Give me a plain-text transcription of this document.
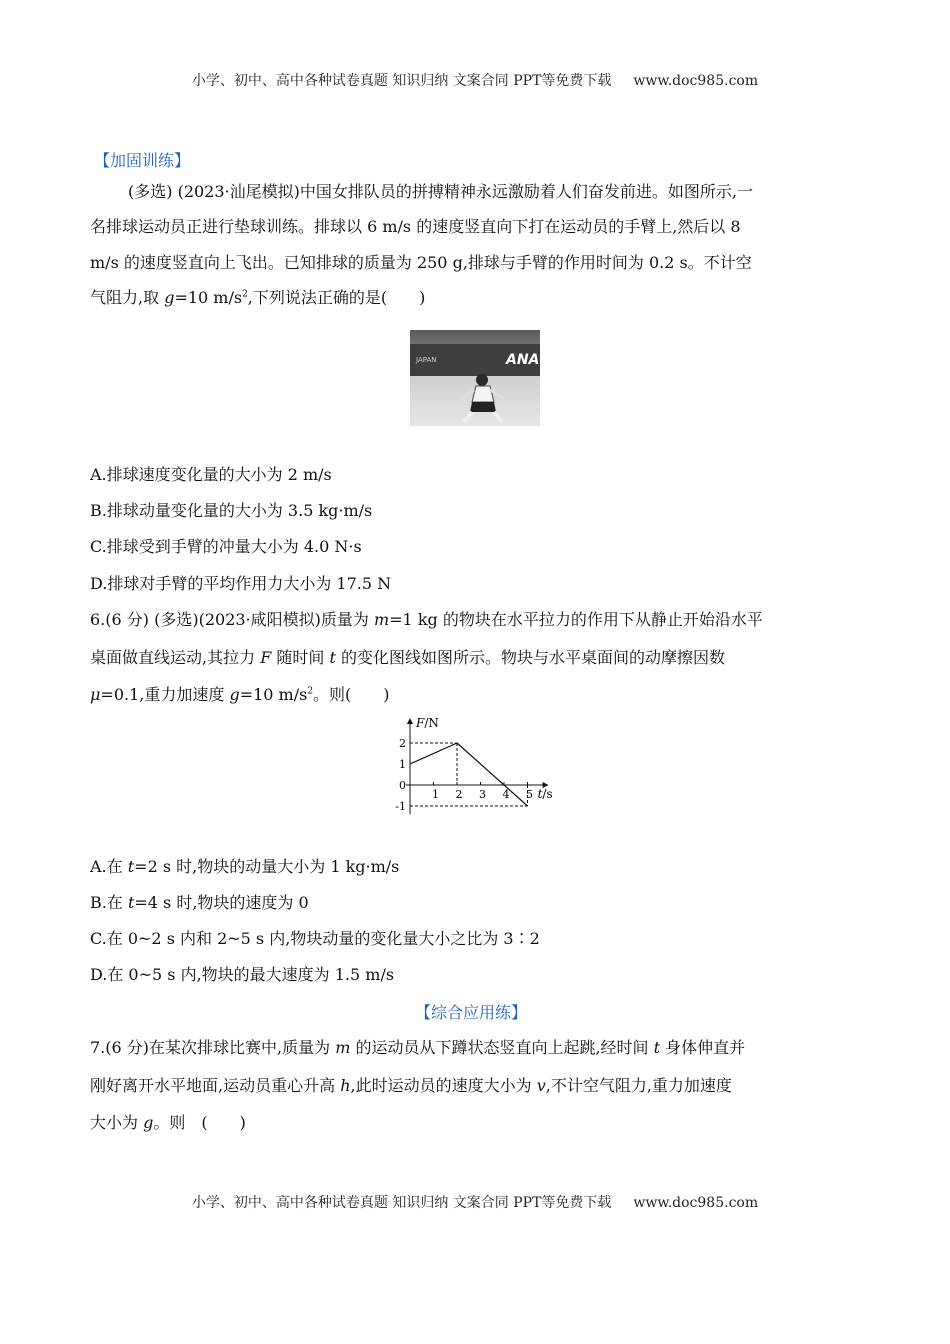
小学、初中、高中各种试卷真题 知识归纳 文案合同 PPT等免费下载 www.doc985.com
【加固训练】
(多选) (2023·汕尾模拟)中国女排队员的拼搏精神永远激励着人们奋发前进。如图所示,一
名排球运动员正进行垫球训练。排球以 6 m/s 的速度竖直向下打在运动员的手臂上,然后以 8
m/s 的速度竖直向上飞出。已知排球的质量为 250 g,排球与手臂的作用时间为 0.2 s。不计空
气阻力,取 g=10 $m/s^2$,下列说法正确的是(　　)
JAPAN	ANA
A.排球速度变化量的大小为 2 m/s
B.排球动量变化量的大小为 3.5 kg·m/s
C.排球受到手臂的冲量大小为 4.0 N·s
D.排球对手臂的平均作用力大小为 17.5 N
6.(6 分) (多选)(2023·咸阳模拟)质量为 m=1 kg 的物块在水平拉力的作用下从静止开始沿水平
桌面做直线运动,其拉力 F 随时间 t 的变化图线如图所示。物块与水平桌面间的动摩擦因数
μ=0.1,重力加速度 g=10 $m/s^2$。则(　　)
F/N
t/s
2
1
0
-1
1 2 3 4 5
A.在 t=2 s 时,物块的动量大小为 1 kg·m/s
B.在 t=4 s 时,物块的速度为 0
C.在 0~2 s 内和 2~5 s 内,物块动量的变化量大小之比为 3∶2
D.在 0~5 s 内,物块的最大速度为 1.5 m/s
【综合应用练】
7.(6 分)在某次排球比赛中,质量为 m 的运动员从下蹲状态竖直向上起跳,经时间 t 身体伸直并
刚好离开水平地面,运动员重心升高 h,此时运动员的速度大小为 v,不计空气阻力,重力加速度
大小为 g。则　(　　)
小学、初中、高中各种试卷真题 知识归纳 文案合同 PPT等免费下载 www.doc985.com
